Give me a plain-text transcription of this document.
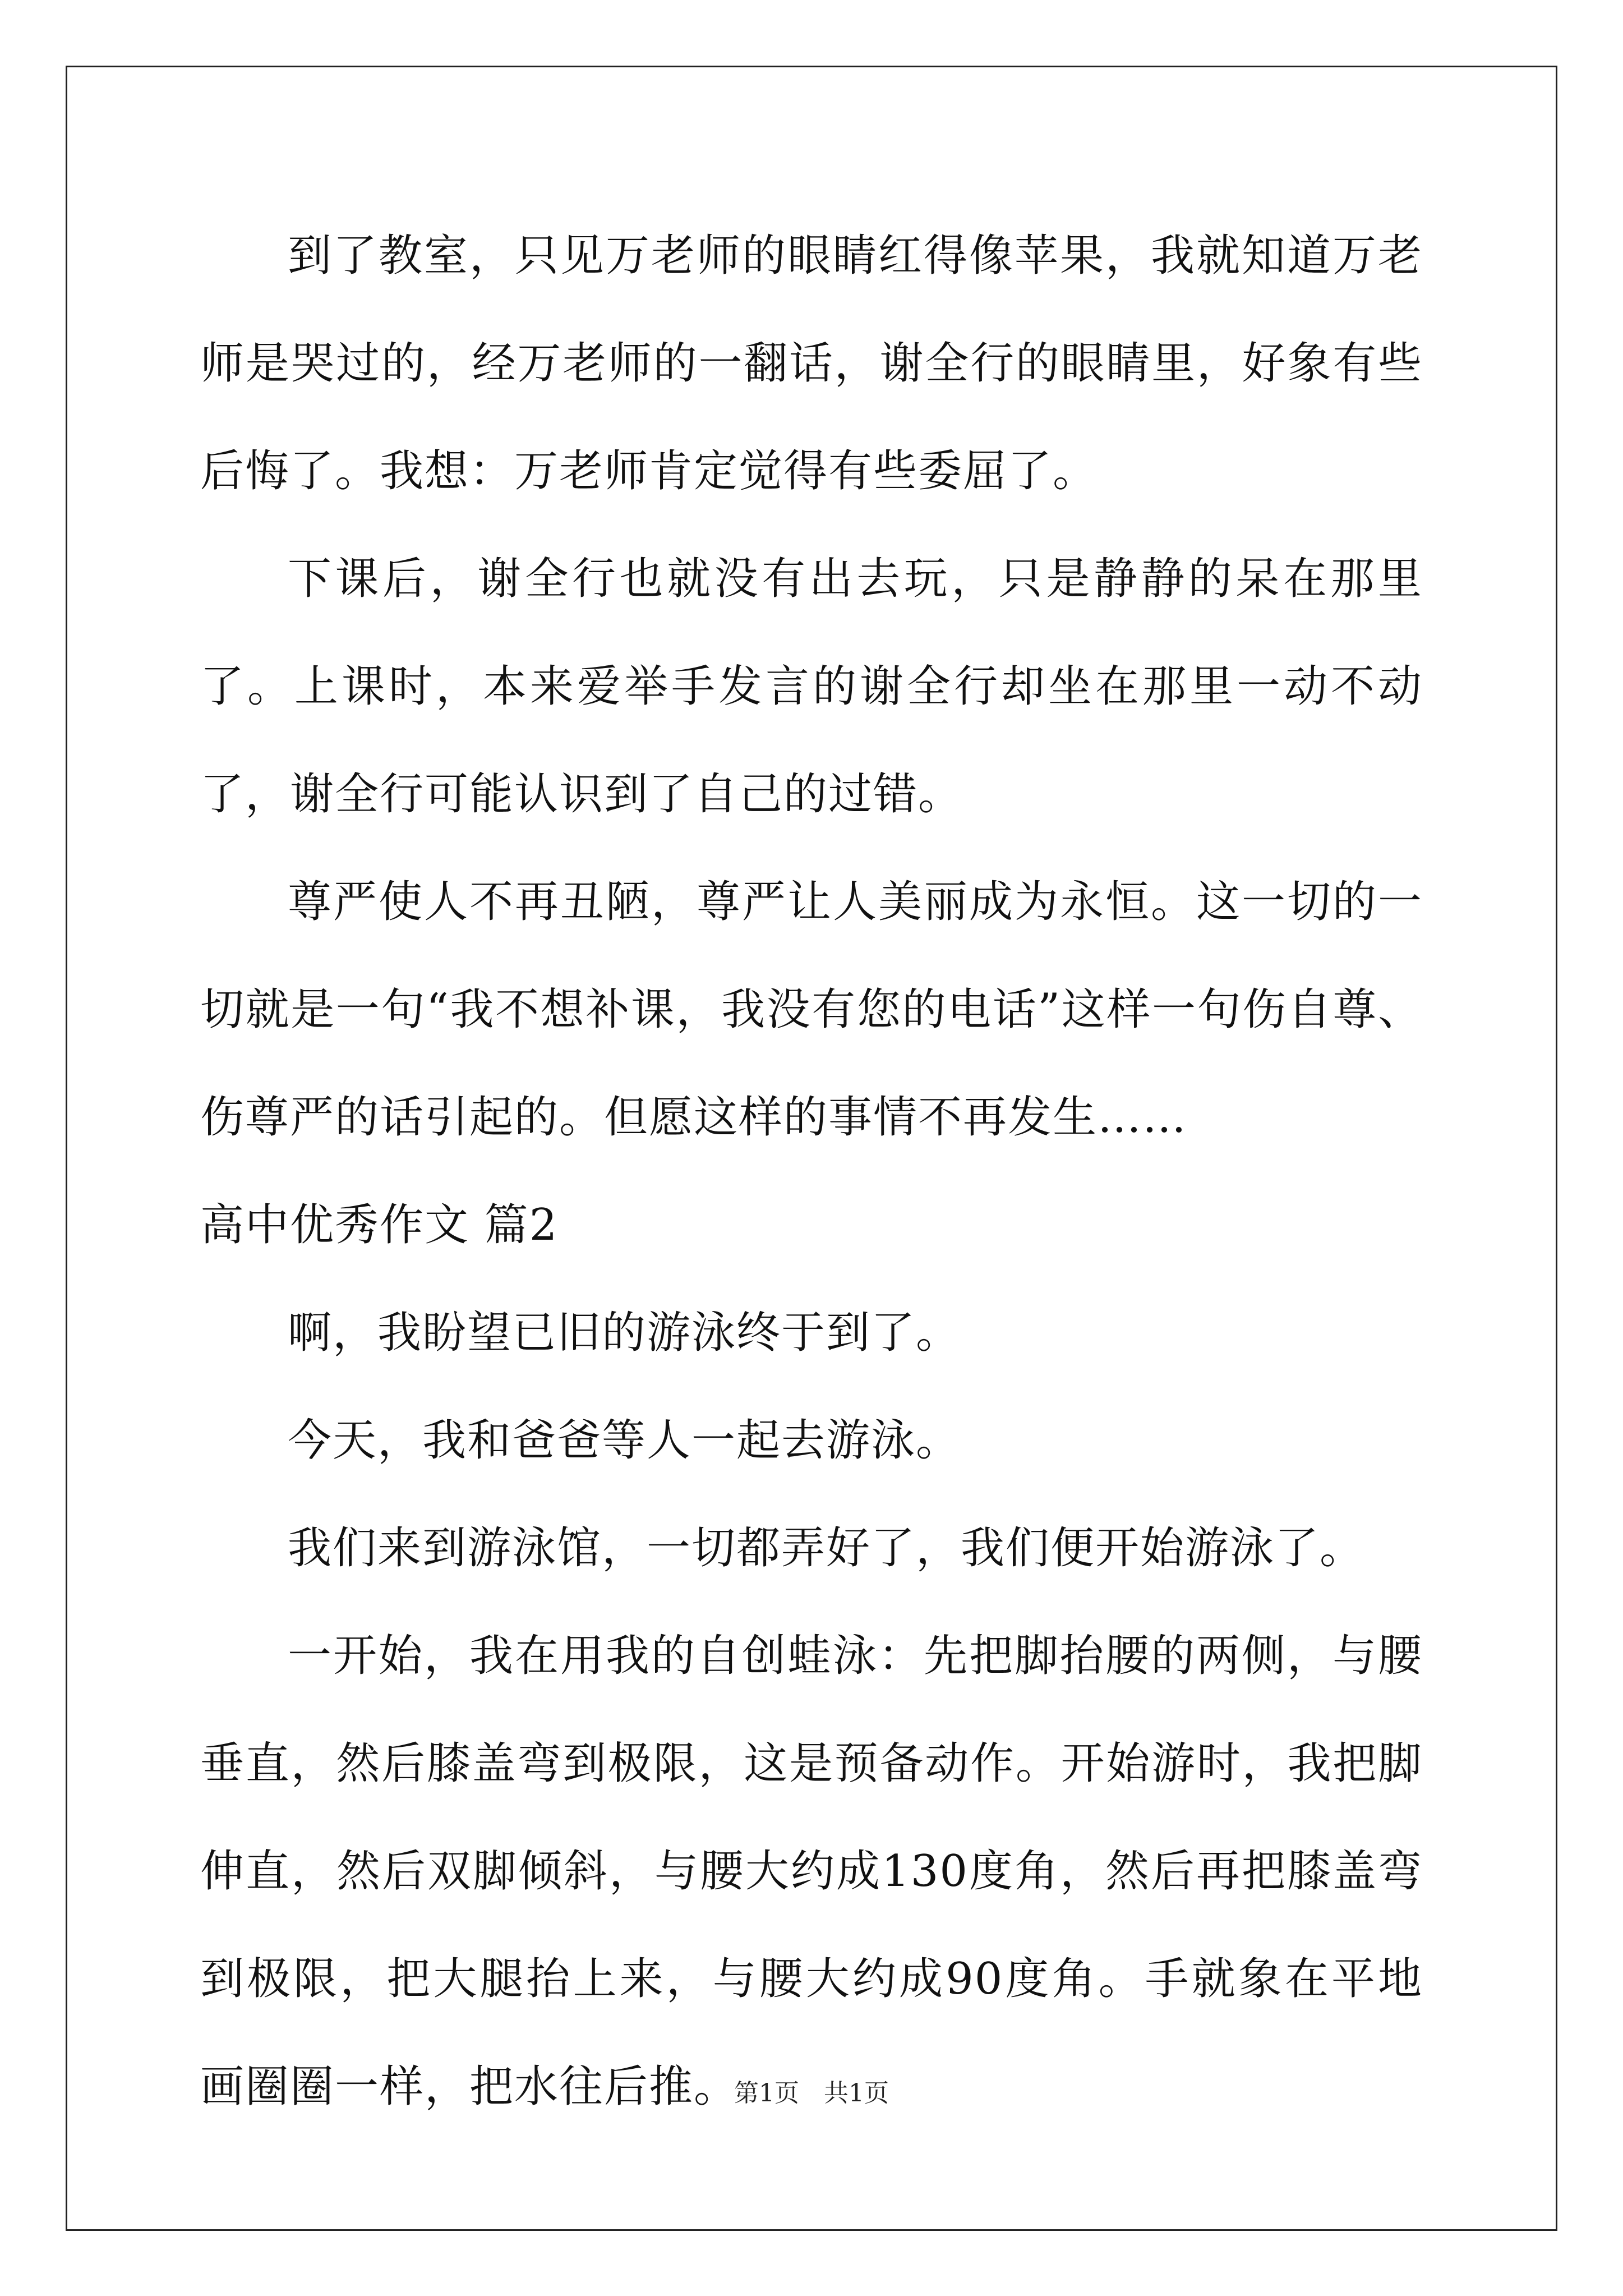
到了教室，只见万老师的眼睛红得像苹果，我就知道万老师是哭过的，经万老师的一翻话，谢全行的眼睛里，好象有些后悔了。我想：万老师肯定觉得有些委屈了。

下课后，谢全行也就没有出去玩，只是静静的呆在那里了。上课时，本来爱举手发言的谢全行却坐在那里一动不动了，谢全行可能认识到了自己的过错。

尊严使人不再丑陋，尊严让人美丽成为永恒。这一切的一切就是一句“我不想补课，我没有您的电话”这样一句伤自尊、伤尊严的话引起的。但愿这样的事情不再发生……

高中优秀作文 篇2

啊，我盼望已旧的游泳终于到了。

今天，我和爸爸等人一起去游泳。

我们来到游泳馆，一切都弄好了，我们便开始游泳了。

一开始，我在用我的自创蛙泳：先把脚抬腰的两侧，与腰垂直，然后膝盖弯到极限，这是预备动作。开始游时，我把脚伸直，然后双脚倾斜，与腰大约成130度角，然后再把膝盖弯到极限，把大腿抬上来，与腰大约成90度角。手就象在平地画圈圈一样，把水往后推。

第1页 共1页
